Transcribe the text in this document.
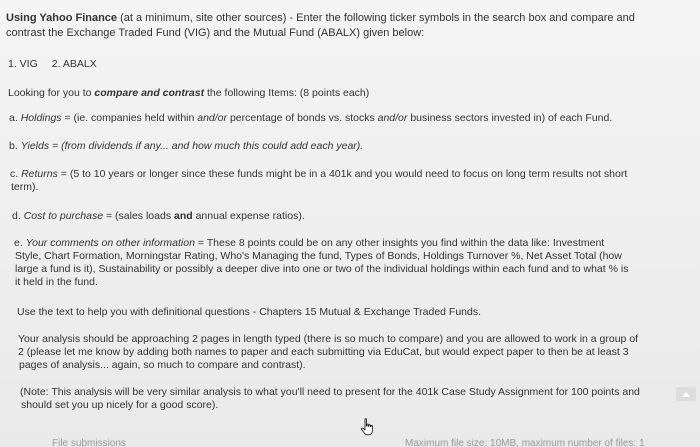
Using Yahoo Finance (at a minimum, site other sources) - Enter the following ticker symbols in the search box and compare and

contrast the Exchange Traded Fund (VIG) and the Mutual Fund (ABALX) given below:

1. VIG 2. ABALX

Looking for you to compare and contrast the following Items: (8 points each)

a. Holdings = (ie. companies held within and/or percentage of bonds vs. stocks and/or business sectors invested in) of each Fund.

b. Yields = (from dividends if any... and how much this could add each year).

c. Returns = (5 to 10 years or longer since these funds might be in a 401k and you would need to focus on long term results not short

term).

d. Cost to purchase = (sales loads and annual expense ratios).

e. Your comments on other information = These 8 points could be on any other insights you find within the data like: Investment

Style, Chart Formation, Morningstar Rating, Who's Managing the fund, Types of Bonds, Holdings Turnover %, Net Asset Total (how

large a fund is it), Sustainability or possibly a deeper dive into one or two of the individual holdings within each fund and to what % is

it held in the fund.

Use the text to help you with definitional questions - Chapters 15 Mutual & Exchange Traded Funds.

Your analysis should be approaching 2 pages in length typed (there is so much to compare) and you are allowed to work in a group of

2 (please let me know by adding both names to paper and each submitting via EduCat, but would expect paper to then be at least 3

pages of analysis... again, so much to compare and contrast).

(Note: This analysis will be very similar analysis to what you'll need to present for the 401k Case Study Assignment for 100 points and

should set you up nicely for a good score).

File submissions	Maximum file size: 10MB, maximum number of files: 1
